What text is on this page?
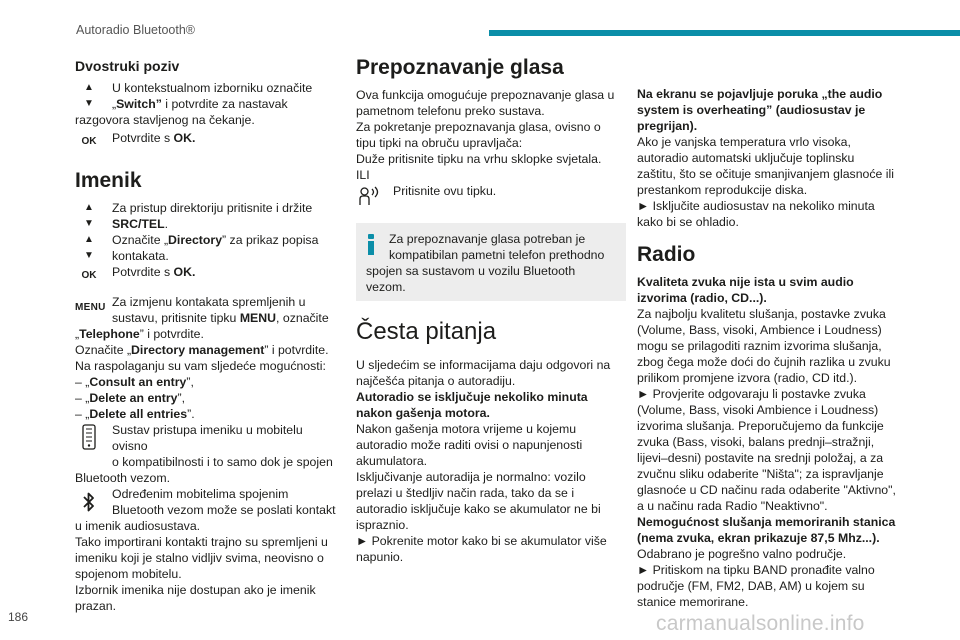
Autoradio Bluetooth®
Dvostruki poziv
▲
▼

U kontekstualnom izborniku označite

„Switch” i potvrdite za nastavak

razgovora stavljenog na čekanje.

OK	Potvrdite s OK.

Imenik
▲
▼

Za pristup direktoriju pritisnite i držite

SRC/TEL.

▲
▼

Označite „Directory” za prikaz popisa

kontakata.

OK	Potvrdite s OK.

MENU Za izmjenu kontakata spremljenih u

sustavu, pritisnite tipku MENU, označite

„Telephone” i potvrdite.

Označite „Directory management” i potvrdite.

Na raspolaganju su vam sljedeće mogućnosti:

– „Consult an entry”,

– „Delete an entry”,

– „Delete all entries”.

Sustav pristupa imeniku u mobitelu ovisno

o kompatibilnosti i to samo dok je spojen

Bluetooth vezom.

Određenim mobitelima spojenim

Bluetooth vezom može se poslati kontakt

u imenik audiosustava.

Tako importirani kontakti trajno su spremljeni u

imeniku koji je stalno vidljiv svima, neovisno o

spojenom mobitelu.

Izbornik imenika nije dostupan ako je imenik

prazan.

Prepoznavanje glasa

Ova funkcija omogućuje prepoznavanje glasa u

pametnom telefonu preko sustava.

Za pokretanje prepoznavanja glasa, ovisno o

tipu tipki na obruču upravljača:

Duže pritisnite tipku na vrhu sklopke svjetala.

ILI

Pritisnite ovu tipku.

Za prepoznavanje glasa potreban je

kompatibilan pametni telefon prethodno

spojen sa sustavom u vozilu Bluetooth

vezom.

Česta pitanja

U sljedećim se informacijama daju odgovori na

najčešća pitanja o autoradiju.

Autoradio se isključuje nekoliko minuta

nakon gašenja motora.

Nakon gašenja motora vrijeme u kojemu

autoradio može raditi ovisi o napunjenosti

akumulatora.

Isključivanje autoradija je normalno: vozilo

prelazi u štedljiv način rada, tako da se i

autoradio isključuje kako se akumulator ne bi

ispraznio.

► Pokrenite motor kako bi se akumulator više

napunio.

Na ekranu se pojavljuje poruka „the audio

system is overheating” (audiosustav je

pregrijan).

Ako je vanjska temperatura vrlo visoka,

autoradio automatski uključuje toplinsku

zaštitu, što se očituje smanjivanjem glasnoće ili

prestankom reprodukcije diska.

► Isključite audiosustav na nekoliko minuta

kako bi se ohladio.

Radio

Kvaliteta zvuka nije ista u svim audio

izvorima (radio, CD...).

Za najbolju kvalitetu slušanja, postavke zvuka

(Volume, Bass, visoki, Ambience i Loudness)

mogu se prilagoditi raznim izvorima slušanja,

zbog čega može doći do čujnih razlika u zvuku

prilikom promjene izvora (radio, CD itd.).

► Provjerite odgovaraju li postavke zvuka

(Volume, Bass, visoki Ambience i Loudness)

izvorima slušanja. Preporučujemo da funkcije

zvuka (Bass, visoki, balans prednji–stražnji,

lijevi–desni) postavite na srednji položaj, a za

zvučnu sliku odaberite "Ništa"; za ispravljanje

glasnoće u CD načinu rada odaberite "Aktivno",

a u načinu rada Radio "Neaktivno".

Nemogućnost slušanja memoriranih stanica

(nema zvuka, ekran prikazuje 87,5 Mhz...).

Odabrano je pogrešno valno područje.

► Pritiskom na tipku BAND pronađite valno

područje (FM, FM2, DAB, AM) u kojem su

stanice memorirane.

186	carmanualsonline.info
